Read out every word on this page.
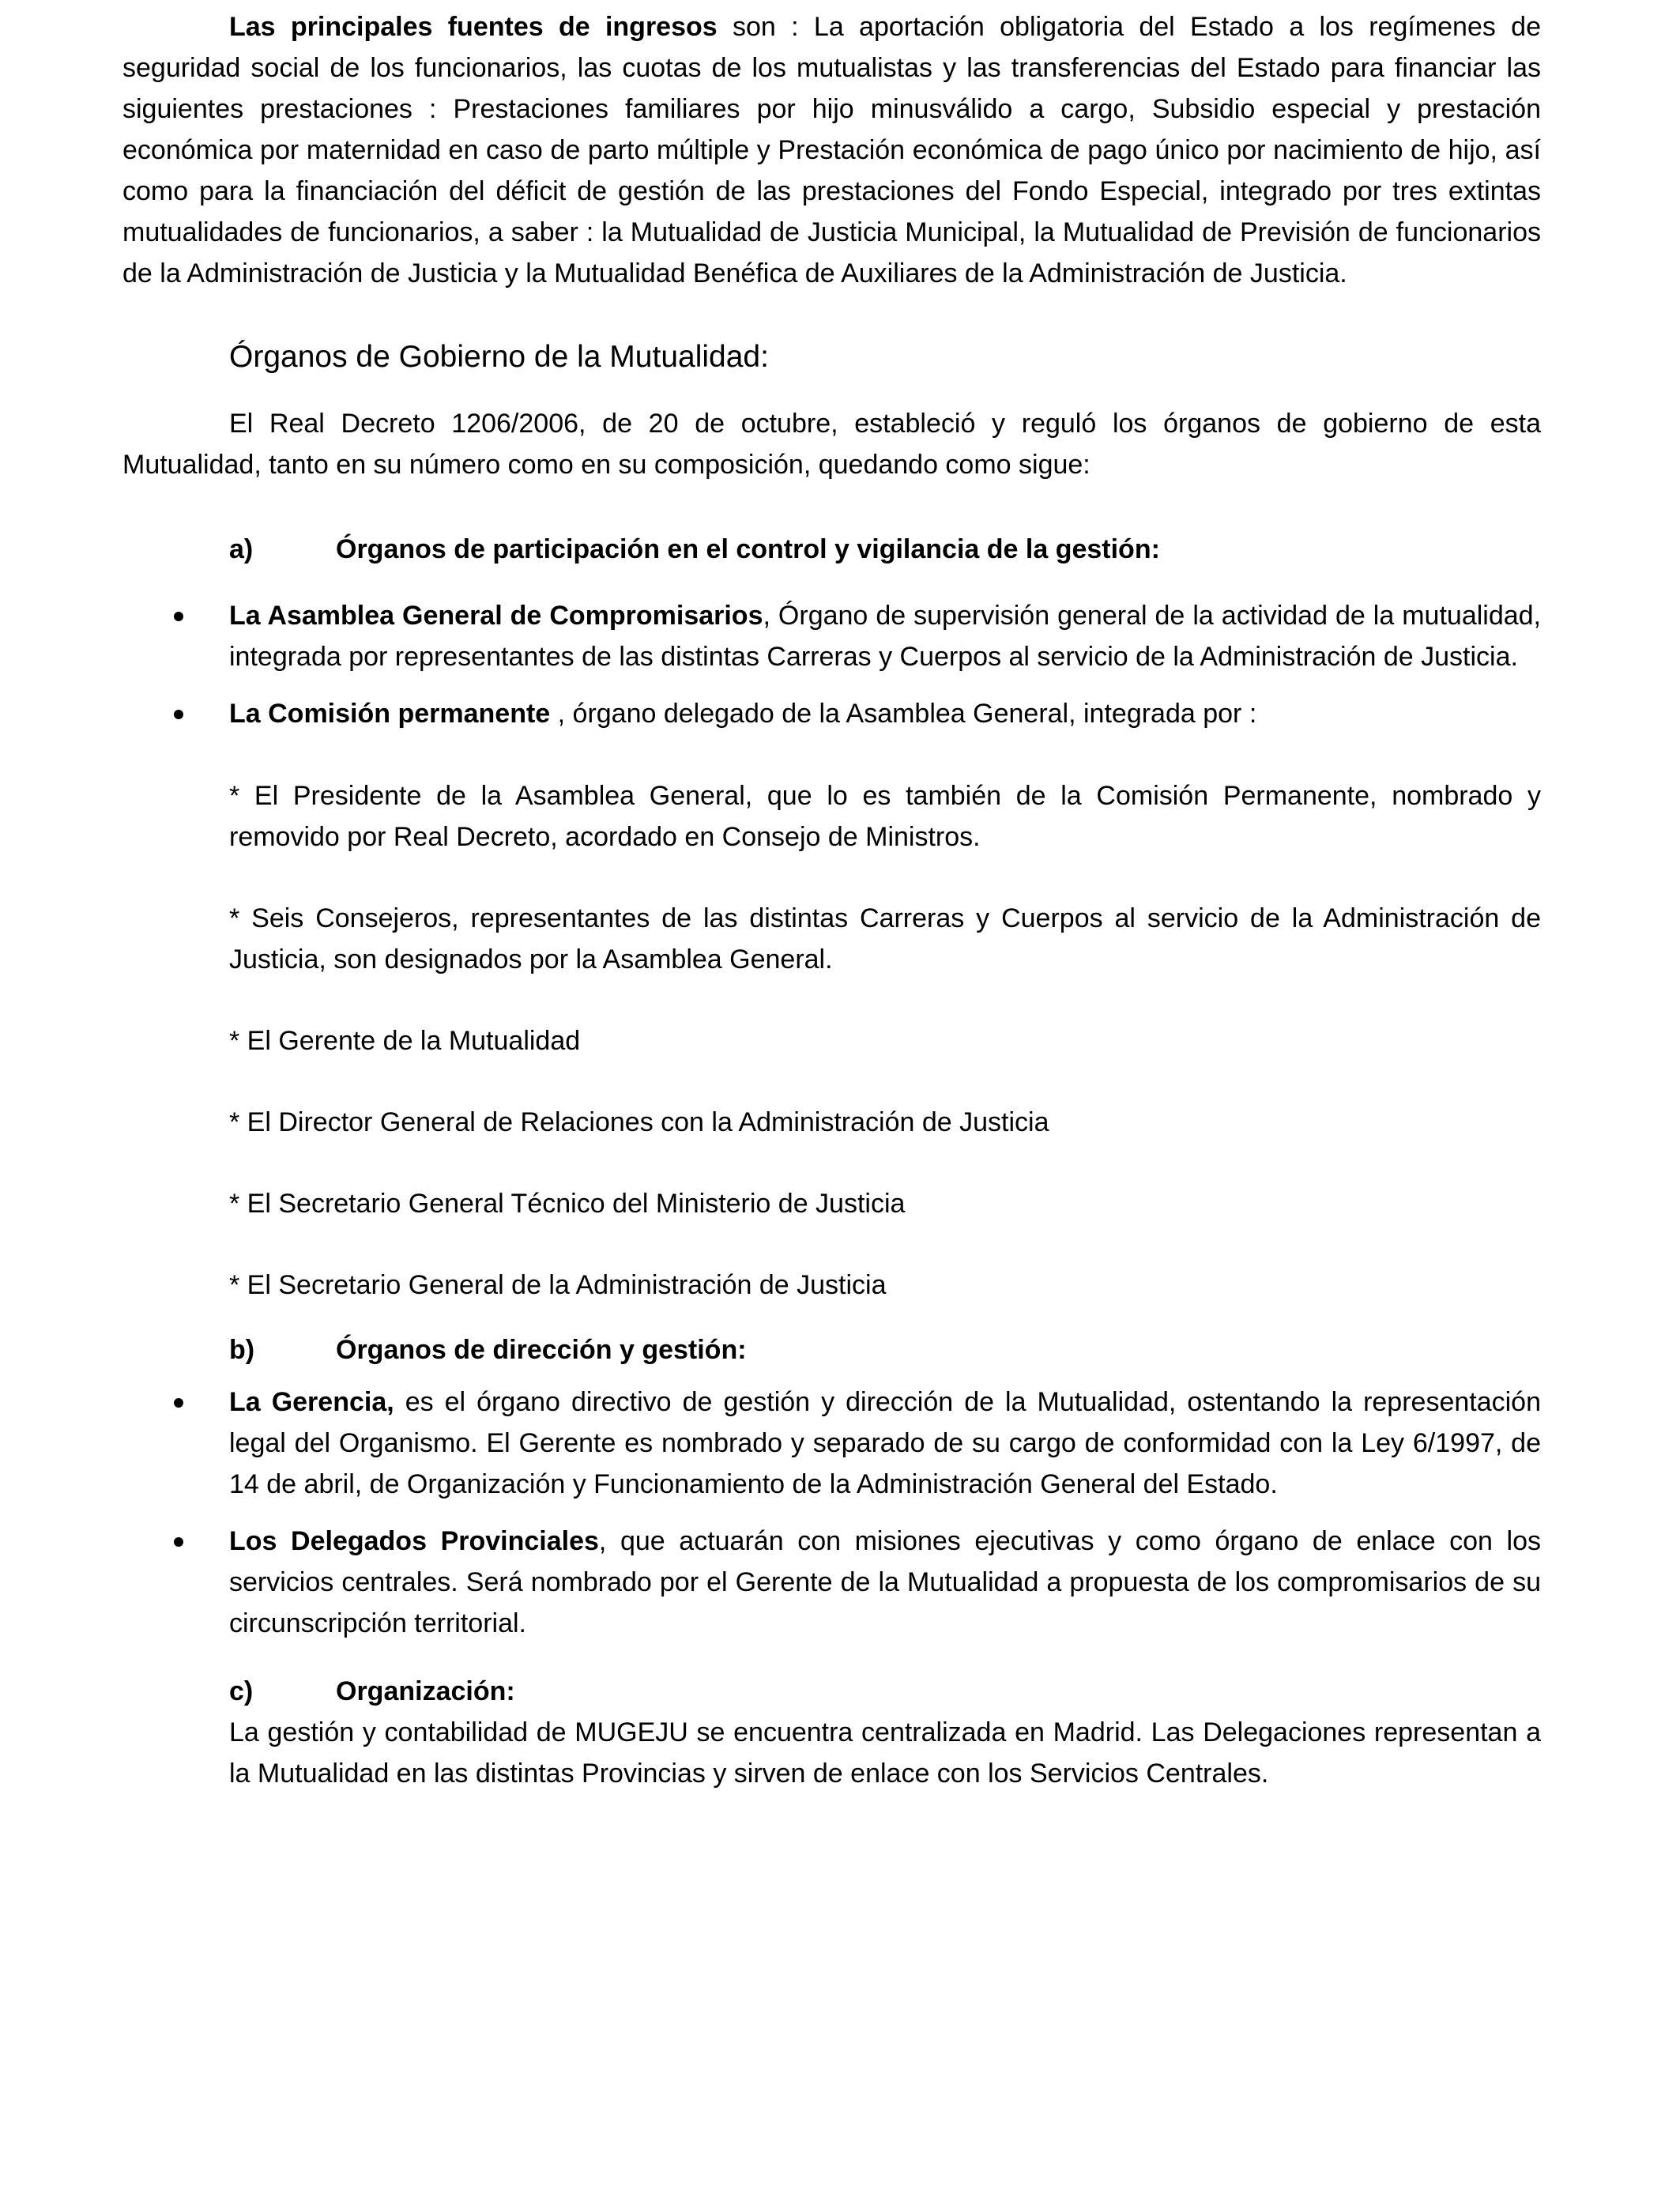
Las principales fuentes de ingresos son : La aportación obligatoria del Estado a los regímenes de seguridad social de los funcionarios, las cuotas de los mutualistas y las transferencias del Estado para financiar las siguientes prestaciones : Prestaciones familiares por hijo minusválido a cargo, Subsidio especial y prestación económica por maternidad en caso de parto múltiple y Prestación económica de pago único por nacimiento de hijo, así como para la financiación del déficit de gestión de las prestaciones del Fondo Especial, integrado por tres extintas mutualidades de funcionarios, a saber : la Mutualidad de Justicia Municipal, la Mutualidad de Previsión de funcionarios de la Administración de Justicia y la Mutualidad Benéfica de Auxiliares de la Administración de Justicia.

Órganos de Gobierno de la Mutualidad:

El Real Decreto 1206/2006, de 20 de octubre, estableció y reguló los órganos de gobierno de esta Mutualidad, tanto en su número como en su composición, quedando como sigue:

a)	Órganos de participación en el control y vigilancia de la gestión:
La Asamblea General de Compromisarios, Órgano de supervisión general de la actividad de la mutualidad, integrada por representantes de las distintas Carreras y Cuerpos al servicio de la Administración de Justicia.
La Comisión permanente , órgano delegado de la Asamblea General, integrada por :
* El Presidente de la Asamblea General, que lo es también de la Comisión Permanente, nombrado y removido por Real Decreto, acordado en Consejo de Ministros.
* Seis Consejeros, representantes de las distintas Carreras y Cuerpos al servicio de la Administración de Justicia, son designados por la Asamblea General.
* El Gerente de la Mutualidad
* El Director General de Relaciones con la Administración de Justicia
* El Secretario General Técnico del Ministerio de Justicia
* El Secretario General de la Administración de Justicia
b)	Órganos de dirección y gestión:
La Gerencia, es el órgano directivo de gestión y dirección de la Mutualidad, ostentando la representación legal del Organismo. El Gerente es nombrado y separado de su cargo de conformidad con la Ley 6/1997, de 14 de abril, de Organización y Funcionamiento de la Administración General del Estado.
Los Delegados Provinciales, que actuarán con misiones ejecutivas y como órgano de enlace con los servicios centrales. Será nombrado por el Gerente de la Mutualidad a propuesta de los compromisarios de su circunscripción territorial.
c)	Organización:

La gestión y contabilidad de MUGEJU se encuentra centralizada en Madrid. Las Delegaciones representan a la Mutualidad en las distintas Provincias y sirven de enlace con los Servicios Centrales.
